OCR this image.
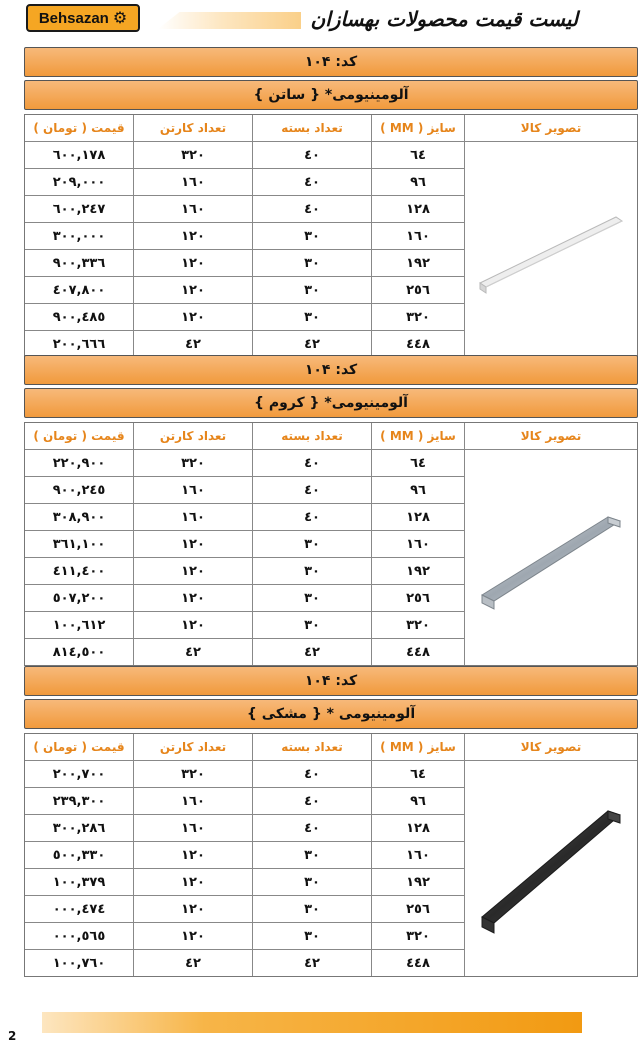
Behsazan ⚙	لیست قیمت محصولات بهسازان
کد: ۱۰۴
آلومینیومی* { ساتن }
قیمت ( تومان )	تعداد کارتن	تعداد بسته	سایز ( MM )	تصویر کالا
۱۷۸,٦۰۰	۳۲۰	٤٠	٦٤
۲۰۹,۰۰۰	١٦٠	٤٠	٩٦
۲٤۷,٦۰۰	١٦٠	٤٠	١٢٨
۳۰۰,۰۰۰	١٢٠	٣٠	١٦٠
۳۳٦,۹۰۰	١٢٠	٣٠	١٩٢
٤۰۷,۸۰۰	١٢٠	٣٠	٢٥٦
٤۸٥,۹۰۰	١٢٠	٣٠	٣٢٠
٦٦٦,۲۰۰	٤٢	٤٢	٤٤٨
کد: ۱۰۴
آلومینیومی* { کروم }
قیمت ( تومان )	تعداد کارتن	تعداد بسته	سایز ( MM )	تصویر کالا
۲۲۰,۹۰۰	۳۲۰	٤٠	٦٤
۲٤٥,۹۰۰	١٦٠	٤٠	٩٦
۳۰۸,۹۰۰	١٦٠	٤٠	١٢٨
۳٦١,١۰۰	١٢٠	٣٠	١٦٠
٤١١,٤۰۰	١٢٠	٣٠	١٩٢
٥۰۷,۲۰۰	١٢٠	٣٠	٢٥٦
٦١۲,١۰۰	١٢٠	٣٠	٣٢٠
۸١٤,٥۰۰	٤٢	٤٢	٤٤٨
کد: ۱۰۴
آلومینیومی * { مشکی }
قیمت ( تومان )	تعداد کارتن	تعداد بسته	سایز ( MM )	تصویر کالا
۲۰۰,۷۰۰	۳۲۰	٤٠	٦٤
۲۳۹,۳۰۰	١٦٠	٤٠	٩٦
۲۸٦,۳۰۰	١٦٠	٤٠	١٢٨
۳۳۰,٥۰۰	١٢٠	٣٠	١٦٠
۳۷۹,١۰۰	١٢٠	٣٠	١٩٢
٤۷٤,۰۰۰	١٢٠	٣٠	٢٥٦
٥٦٥,۰۰۰	١٢٠	٣٠	٣٢٠
۷٦۰,١۰۰	٤٢	٤٢	٤٤٨
2
